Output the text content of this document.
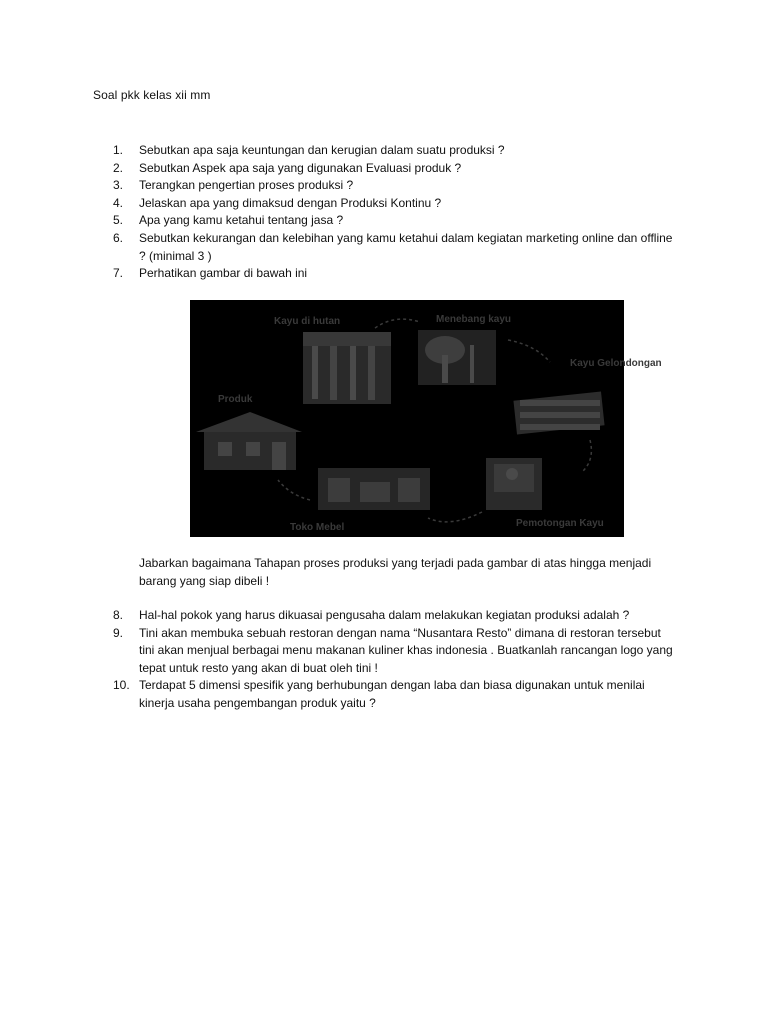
Soal pkk kelas xii mm
1.	Sebutkan apa saja keuntungan dan kerugian dalam suatu produksi ?
2.	Sebutkan Aspek apa saja yang digunakan Evaluasi produk ?
3.	Terangkan pengertian proses produksi ?
4.	Jelaskan apa yang dimaksud dengan Produksi Kontinu ?
5.	Apa yang kamu ketahui tentang jasa ?
6.	Sebutkan kekurangan dan kelebihan yang kamu ketahui dalam kegiatan marketing online dan offline ? (minimal 3 )
7.	Perhatikan gambar di bawah ini
Kayu di hutan	Menebang kayu
Kayu Gelondongan
Produk
Pemotongan Kayu
Toko Mebel
Jabarkan bagaimana Tahapan proses produksi yang terjadi pada gambar di atas hingga menjadi barang yang siap dibeli !
8.	Hal-hal pokok yang harus dikuasai pengusaha dalam melakukan kegiatan produksi adalah ?
9.	Tini akan membuka sebuah restoran dengan nama “Nusantara Resto” dimana di restoran tersebut tini akan menjual berbagai menu makanan kuliner khas indonesia . Buatkanlah rancangan logo yang tepat untuk resto yang akan di buat oleh tini !
10. Terdapat 5 dimensi spesifik yang berhubungan dengan laba dan biasa digunakan untuk menilai kinerja usaha pengembangan produk yaitu ?
